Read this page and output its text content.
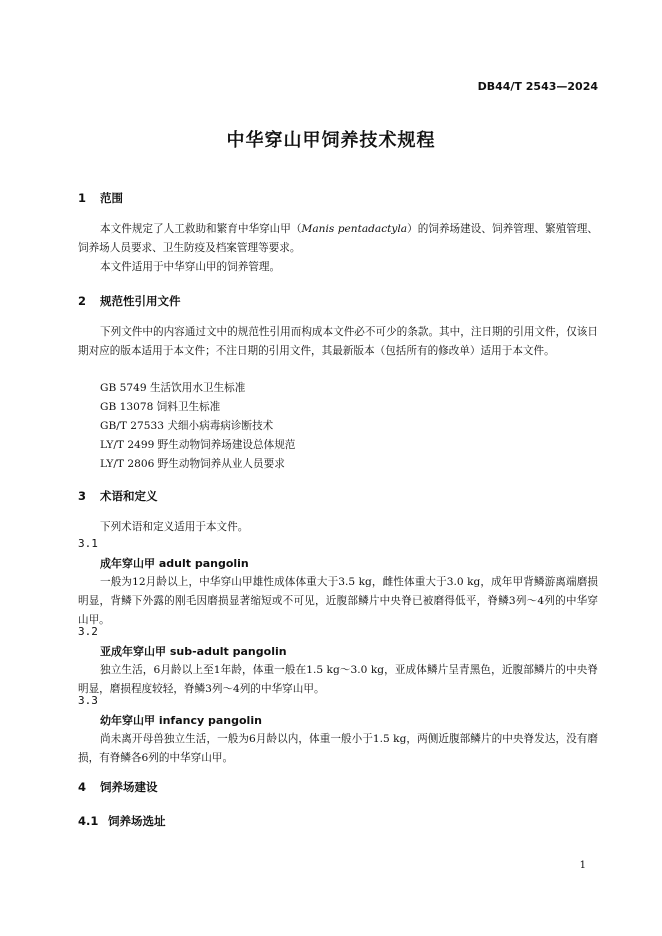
DB44/T 2543—2024
中华穿山甲饲养技术规程
1 范围
本文件规定了人工救助和繁育中华穿山甲（Manis pentadactyla）的饲养场建设、饲养管理、繁殖管理、饲养场人员要求、卫生防疫及档案管理等要求。
本文件适用于中华穿山甲的饲养管理。
2 规范性引用文件
下列文件中的内容通过文中的规范性引用而构成本文件必不可少的条款。其中，注日期的引用文件，仅该日期对应的版本适用于本文件；不注日期的引用文件，其最新版本（包括所有的修改单）适用于本文件。
GB 5749 生活饮用水卫生标准
GB 13078 饲料卫生标准
GB/T 27533 犬细小病毒病诊断技术
LY/T 2499 野生动物饲养场建设总体规范
LY/T 2806 野生动物饲养从业人员要求
3 术语和定义
下列术语和定义适用于本文件。
3.1
成年穿山甲 adult pangolin
一般为12月龄以上，中华穿山甲雄性成体体重大于3.5 kg，雌性体重大于3.0 kg，成年甲背鳞游离端磨损明显，背鳞下外露的刚毛因磨损显著缩短或不可见，近腹部鳞片中央脊已被磨得低平，脊鳞3列～4列的中华穿山甲。
3.2
亚成年穿山甲 sub-adult pangolin
独立生活，6月龄以上至1年龄，体重一般在1.5 kg～3.0 kg，亚成体鳞片呈青黑色，近腹部鳞片的中央脊明显，磨损程度较轻，脊鳞3列～4列的中华穿山甲。
3.3
幼年穿山甲 infancy pangolin
尚未离开母兽独立生活，一般为6月龄以内，体重一般小于1.5 kg，两侧近腹部鳞片的中央脊发达，没有磨损，有脊鳞各6列的中华穿山甲。
4 饲养场建设
4.1 饲养场选址
1
